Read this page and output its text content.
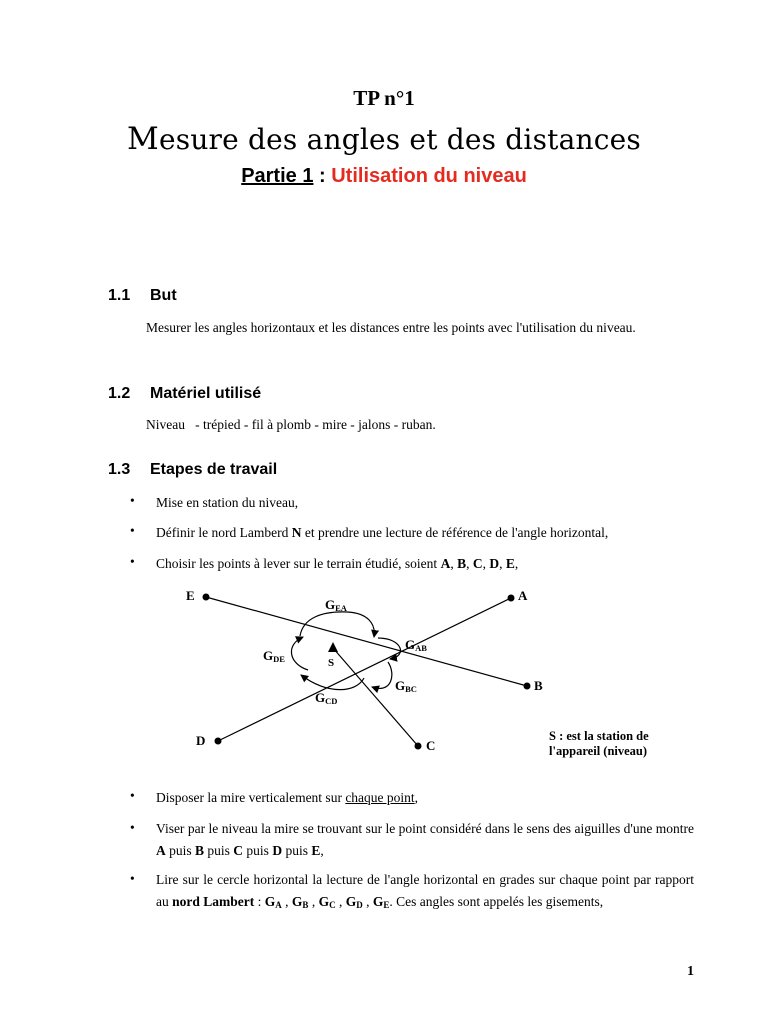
TP n°1
Mesure des angles et des distances
Partie 1 : Utilisation du niveau
1.1 But
Mesurer les angles horizontaux et les distances entre les points avec l'utilisation du niveau.
1.2 Matériel utilisé
Niveau   - trépied - fil à plomb - mire - jalons - ruban.
1.3 Etapes de travail
• Mise en station du niveau,
• Définir le nord Lamberd N et prendre une lecture de référence de l'angle horizontal,
• Choisir les points à lever sur le terrain étudié, soient A, B, C, D, E,
E	A
B
C
D
S
GEA
GAB
GBC
GCD
GDE
S : est la station de
l'appareil (niveau)
• Disposer la mire verticalement sur chaque point,
• Viser par le niveau la mire se trouvant sur le point considéré dans le sens des aiguilles d'une montre A puis B puis C puis D puis E,
• Lire sur le cercle horizontal la lecture de l'angle horizontal en grades sur chaque point par rapport au nord Lambert : $G_A$ , $G_B$ , $G_C$ , $G_D$ , $G_E$. Ces angles sont appelés les gisements,
1
